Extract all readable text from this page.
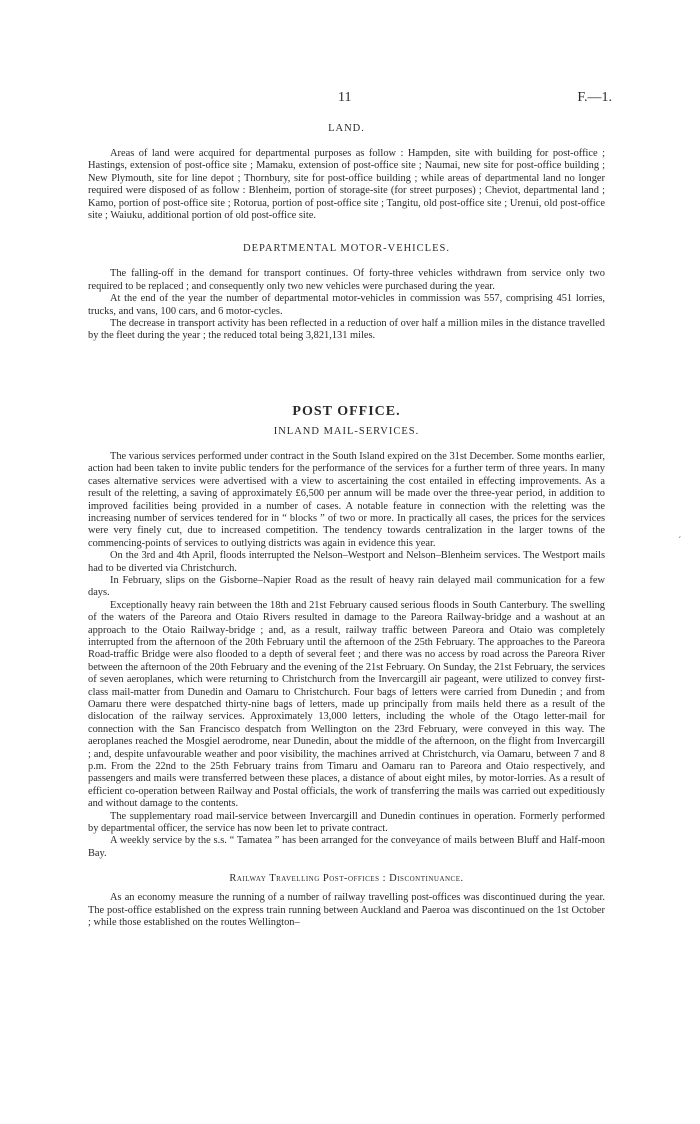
11	F.—1.
LAND.

Areas of land were acquired for departmental purposes as follow : Hampden, site with building for post-office ; Hastings, extension of post-office site ; Mamaku, extension of post-office site ; Naumai, new site for post-office building ; New Plymouth, site for line depot ; Thornbury, site for post-office building ; while areas of departmental land no longer required were disposed of as follow : Blenheim, portion of storage-site (for street purposes) ; Cheviot, departmental land ; Kamo, portion of post-office site ; Rotorua, portion of post-office site ; Tangitu, old post-office site ; Urenui, old post-office site ; Waiuku, additional portion of old post-office site.

DEPARTMENTAL MOTOR-VEHICLES.

The falling-off in the demand for transport continues. Of forty-three vehicles withdrawn from service only two required to be replaced ; and consequently only two new vehicles were purchased during the year.

At the end of the year the number of departmental motor-vehicles in commission was 557, comprising 451 lorries, trucks, and vans, 100 cars, and 6 motor-cycles.

The decrease in transport activity has been reflected in a reduction of over half a million miles in the distance travelled by the fleet during the year ; the reduced total being 3,821,131 miles.

POST OFFICE.
INLAND MAIL-SERVICES.

The various services performed under contract in the South Island expired on the 31st December. Some months earlier, action had been taken to invite public tenders for the performance of the services for a further term of three years. In many cases alternative services were advertised with a view to ascertaining the cost entailed in effecting improvements. As a result of the reletting, a saving of approximately £6,500 per annum will be made over the three-year period, in addition to improved facilities being provided in a number of cases. A notable feature in connection with the reletting was the increasing number of services tendered for in “ blocks ” of two or more. In practically all cases, the prices for the services were very finely cut, due to increased competition. The tendency towards centralization in the larger towns of the commencing-points of services to outlying districts was again in evidence this year.

On the 3rd and 4th April, floods interrupted the Nelson–Westport and Nelson–Blenheim services. The Westport mails had to be diverted via Christchurch.

In February, slips on the Gisborne–Napier Road as the result of heavy rain delayed mail communication for a few days.

Exceptionally heavy rain between the 18th and 21st February caused serious floods in South Canterbury. The swelling of the waters of the Pareora and Otaio Rivers resulted in damage to the Pareora Railway-bridge and a washout at an approach to the Otaio Railway-bridge ; and, as a result, railway traffic between Pareora and Otaio was completely interrupted from the afternoon of the 20th February until the afternoon of the 25th February. The approaches to the Pareora Road-traffic Bridge were also flooded to a depth of several feet ; and there was no access by road across the Pareora River between the afternoon of the 20th February and the evening of the 21st February. On Sunday, the 21st February, the services of seven aeroplanes, which were returning to Christchurch from the Invercargill air pageant, were utilized to convey first-class mail-matter from Dunedin and Oamaru to Christchurch. Four bags of letters were carried from Dunedin ; and from Oamaru there were despatched thirty-nine bags of letters, made up principally from mails held there as a result of the dislocation of the railway services. Approximately 13,000 letters, including the whole of the Otago letter-mail for connection with the San Francisco despatch from Wellington on the 23rd February, were conveyed in this way. The aeroplanes reached the Mosgiel aerodrome, near Dunedin, about the middle of the afternoon, on the flight from Invercargill ; and, despite unfavourable weather and poor visibility, the machines arrived at Christchurch, via Oamaru, between 7 and 8 p.m. From the 22nd to the 25th February trains from Timaru and Oamaru ran to Pareora and Otaio respectively, and passengers and mails were transferred between these places, a distance of about eight miles, by motor-lorries. As a result of efficient co-operation between Railway and Postal officials, the work of transferring the mails was carried out expeditiously and without damage to the contents.

The supplementary road mail-service between Invercargill and Dunedin continues in operation. Formerly performed by departmental officer, the service has now been let to private contract.

A weekly service by the s.s. “ Tamatea ” has been arranged for the conveyance of mails between Bluff and Half-moon Bay.

Railway Travelling Post-offices : Discontinuance.

As an economy measure the running of a number of railway travelling post-offices was discontinued during the year. The post-office established on the express train running between Auckland and Paeroa was discontinued on the 1st October ; while those established on the routes Wellington–

´
